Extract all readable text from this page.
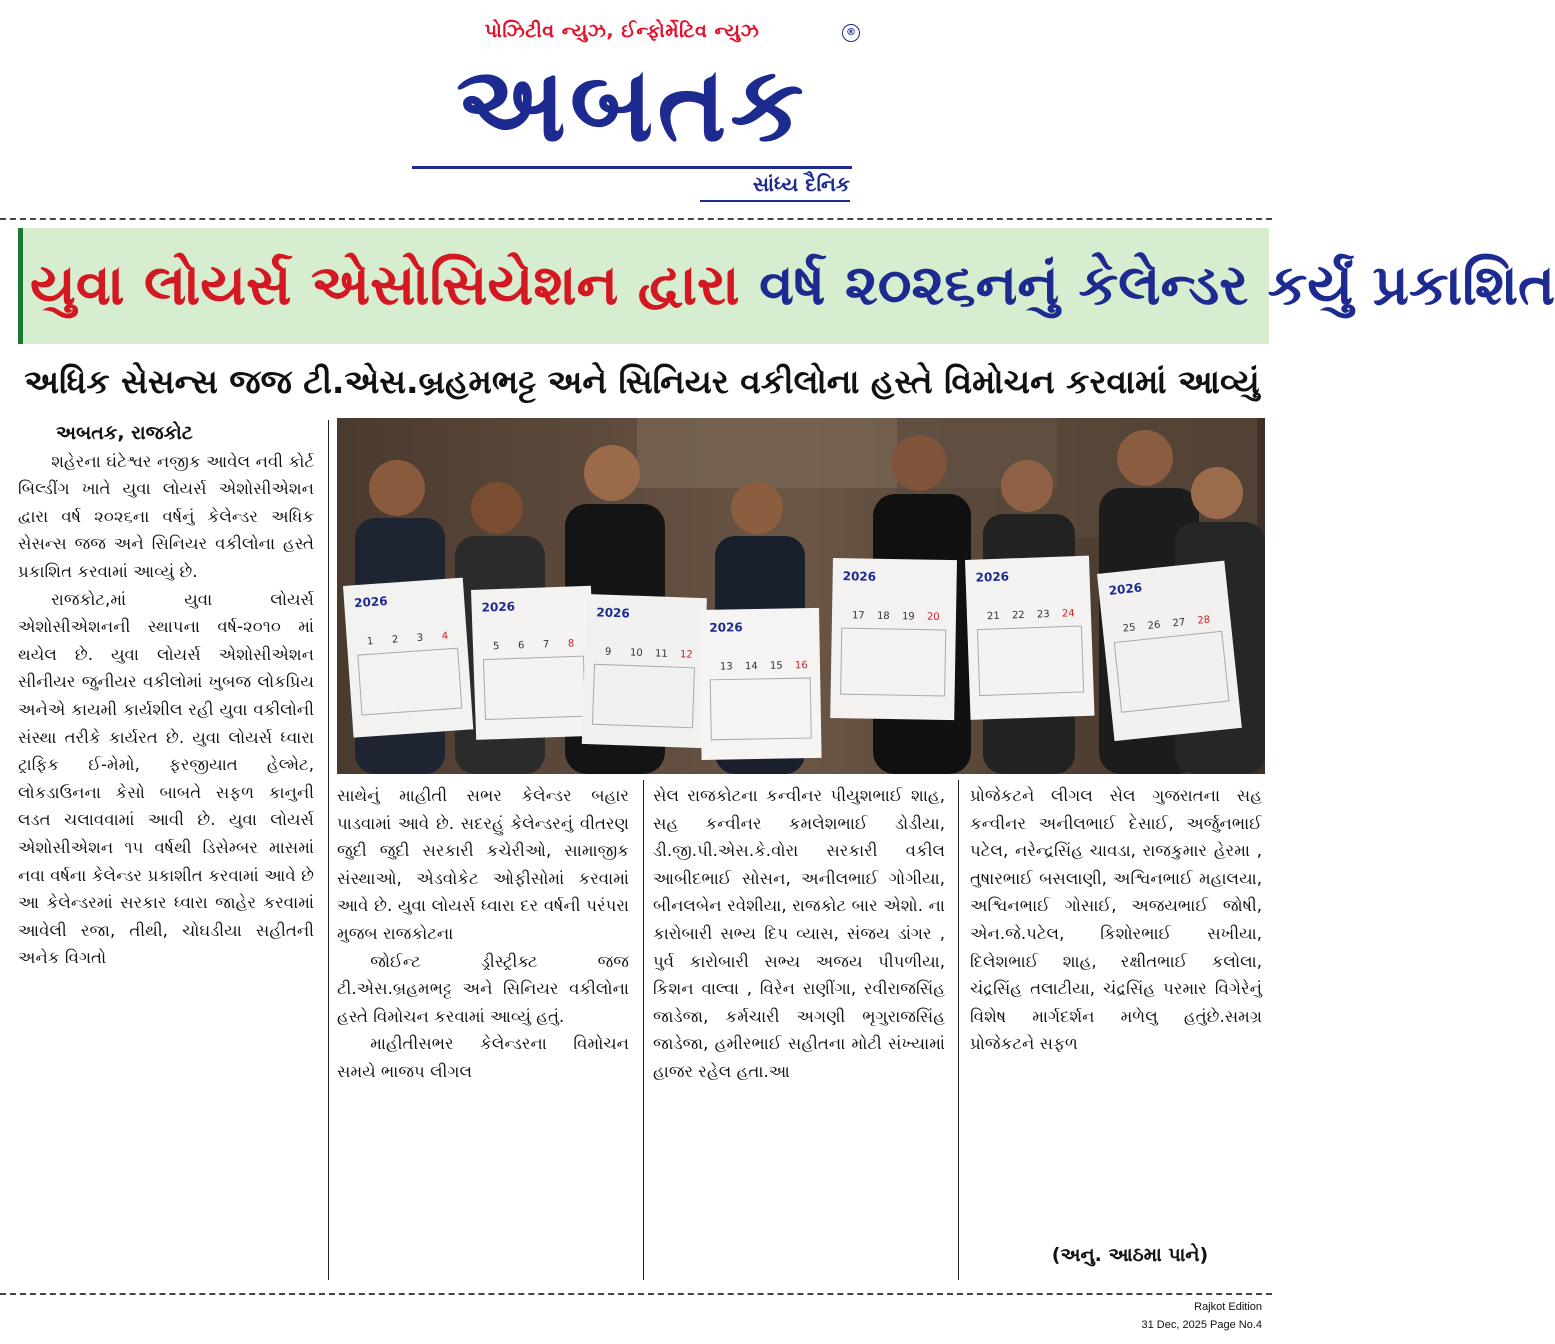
પોઝિટીવ ન્યુઝ, ઈન્ફોર્મેટિવ ન્યુઝ	®
અબતક
સાંધ્ય દૈનિક
યુવા લોયર્સ એસોસિયેશન દ્વારા વર્ષ ૨૦૨૬નનું કેલેન્ડર કર્યું પ્રકાશિત
અધિક સેસન્સ જજ ટી.એસ.બ્રહમભટ્ટ અને સિનિયર વકીલોના હસ્તે વિમોચન કરવામાં આવ્યું

અબતક, રાજકોટ

શહેરના ઘંટેશ્વર નજીક આવેલ નવી કોર્ટ બિલ્ડીંગ ખાતે યુવા લોયર્સ એશોસીએશન દ્વારા વર્ષ ૨૦૨૬ના વર્ષનું કેલેન્ડર અધિક સેસન્સ જજ અને સિનિયર વકીલોના હસ્તે પ્રકાશિત કરવામાં આવ્યું છે.

રાજકોટ,માં યુવા લોયર્સ એશોસીએશનની સ્થાપના વર્ષ-૨૦૧૦ માં થયેલ છે. યુવા લોયર્સ એશોસીએશન સીનીયર જુનીયર વકીલોમાં ખુબજ લોકપ્રિય અનેએ કાયમી કાર્યશીલ રહી યુવા વકીલોની સંસ્થા તરીકે કાર્યરત છે. યુવા લોયર્સ ધ્વારા ટ્રાફિક ઈ-મેમો, ફરજીયાત હેલ્મેટ, લોકડાઉનના કેસો બાબતે સફળ કાનુની લડત ચલાવવામાં આવી છે. યુવા લોયર્સ એશોસીએશન ૧૫ વર્ષથી ડિસેમ્બર માસમાં નવા વર્ષના કેલેન્ડર પ્રકાશીત કરવામાં આવે છે આ કેલેન્ડરમાં સરકાર ધ્વારા જાહેર કરવામાં આવેલી રજા, તીથી, ચોઘડીયા સહીતની અનેક વિગતો

2026
1 2 3 4
2026
5 6 7 8
2026
9 10 11 12
2026
13 14 15 16
2026
17 18 19 20
2026
21 22 23 24
2026
25 26 27 28

સાથેનું માહીતી સભર કેલેન્ડર બહાર પાડવામાં આવે છે. સદરહું કેલેન્ડરનું વીતરણ જુદી જુદી સરકારી કચેરીઓ, સામાજીક સંસ્થાઓ, એડવોકેટ ઓફીસોમાં કરવામાં આવે છે. યુવા લોયર્સ ધ્વારા દર વર્ષની પરંપરા મુજબ રાજકોટના

જોઈન્ટ ડ્રીસ્ટ્રીક્ટ જજ ટી.એસ.બ્રહમભટ્ટ અને સિનિયર વકીલોના હસ્તે વિમોચન કરવામાં આવ્યું હતું.

માહીતીસભર કેલેન્ડરના વિમોચન સમયે ભાજપ લીગલ

સેલ રાજકોટના કન્વીનર પીયુશભાઈ શાહ, સહ કન્વીનર કમલેશભાઈ ડોડીયા, ડી.જી.પી.એસ.કે.વોરા સરકારી વકીલ આબીદભાઈ સોસન, અનીલભાઈ ગોગીયા, બીનલબેન રવેશીયા, રાજકોટ બાર એશો. ના કારોબારી સભ્ય દિપ વ્યાસ, સંજય ડાંગર , પુર્વ કારોબારી સભ્ય અજય પીપળીયા, કિશન વાલ્વા , વિરેન રાણીંગા, રવીરાજસિંહ જાડેજા, કર્મચારી અગણી ભૃગુરાજસિંહ જાડેજા, હમીરભાઈ સહીતના મોટી સંખ્યામાં હાજર રહેલ હતા.આ

પ્રોજેકટને લીગલ સેલ ગુજરાતના સહ કન્વીનર અનીલભાઈ દેસાઈ, અર્જુનભાઈ પટેલ, નરેન્દ્રસિંહ ચાવડા, રાજકુમાર હેરમા , તુષારભાઈ બસલાણી, અશ્વિનભાઈ મહાલયા, અશ્વિનભાઈ ગોસાઈ, અજયભાઈ જોષી, એન.જે.પટેલ, કિશોરભાઈ સખીયા, દિલેશભાઈ શાહ, રક્ષીતભાઈ કલોલા, ચંદ્રસિંહ તલાટીયા, ચંદ્રસિંહ પરમાર વિગેરેનું વિશેષ માર્ગદર્શન મળેલુ હતુંછે.સમગ્ર પ્રોજેકટને સફળ

(અનુ. આઠમા પાને)
Rajkot Edition
31 Dec, 2025 Page No.4
